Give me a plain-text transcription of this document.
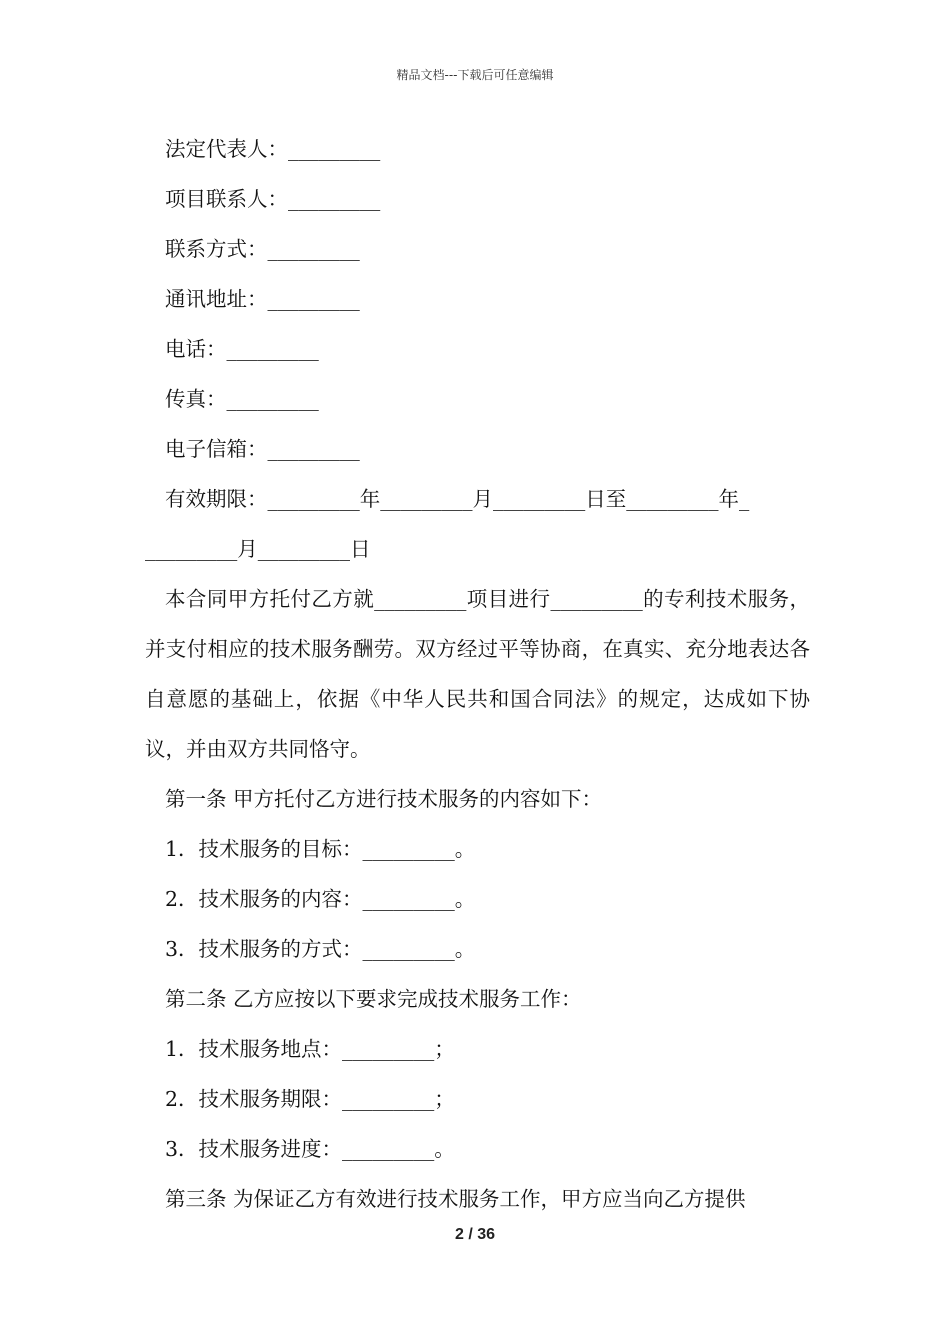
精品文档---下载后可任意编辑
法定代表人：_________
项目联系人：_________
联系方式：_________
通讯地址：_________
电话：_________
传真：_________
电子信箱：_________
有效期限：_________年_________月_________日至_________年_
_________月_________日
本合同甲方托付乙方就_________项目进行_________的专利技术服务，并支付相应的技术服务酬劳。双方经过平等协商，在真实、充分地表达各自意愿的基础上，依据《中华人民共和国合同法》的规定，达成如下协议，并由双方共同恪守。
第一条 甲方托付乙方进行技术服务的内容如下：
1．技术服务的目标：_________。
2．技术服务的内容：_________。
3．技术服务的方式：_________。
第二条 乙方应按以下要求完成技术服务工作：
1．技术服务地点：_________；
2．技术服务期限：_________；
3．技术服务进度：_________。
第三条 为保证乙方有效进行技术服务工作，甲方应当向乙方提供
2 / 36
